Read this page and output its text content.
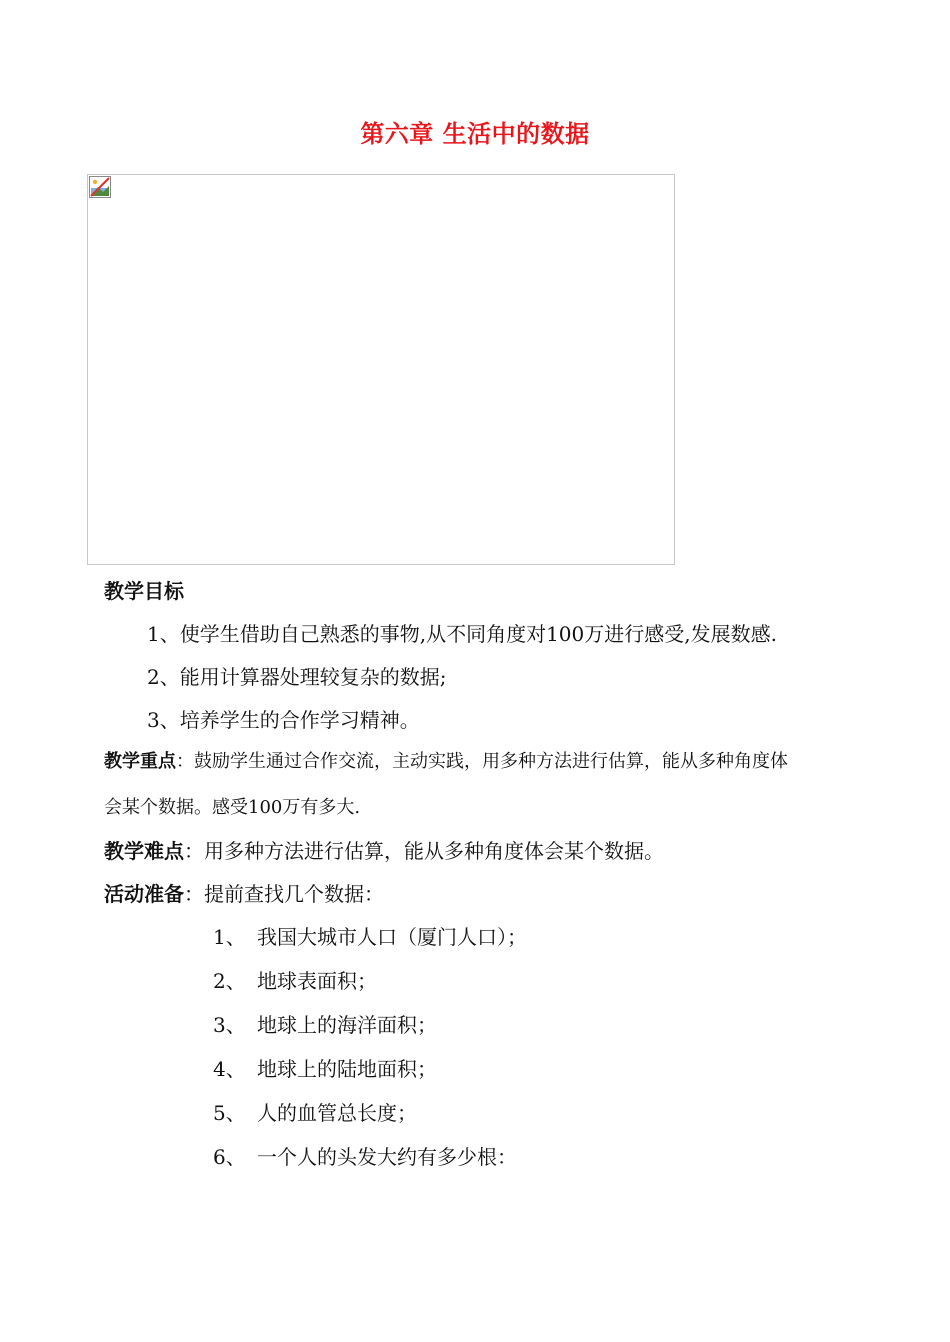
第六章 生活中的数据
教学目标
1、使学生借助自己熟悉的事物,从不同角度对100万进行感受,发展数感.
2、能用计算器处理较复杂的数据;
3、培养学生的合作学习精神。
教学重点：鼓励学生通过合作交流，主动实践，用多种方法进行估算，能从多种角度体
会某个数据。感受100万有多大.
教学难点：用多种方法进行估算，能从多种角度体会某个数据。
活动准备：提前查找几个数据：
1、 我国大城市人口（厦门人口）；
2、 地球表面积；
3、 地球上的海洋面积；
4、 地球上的陆地面积；
5、 人的血管总长度；
6、 一个人的头发大约有多少根：
